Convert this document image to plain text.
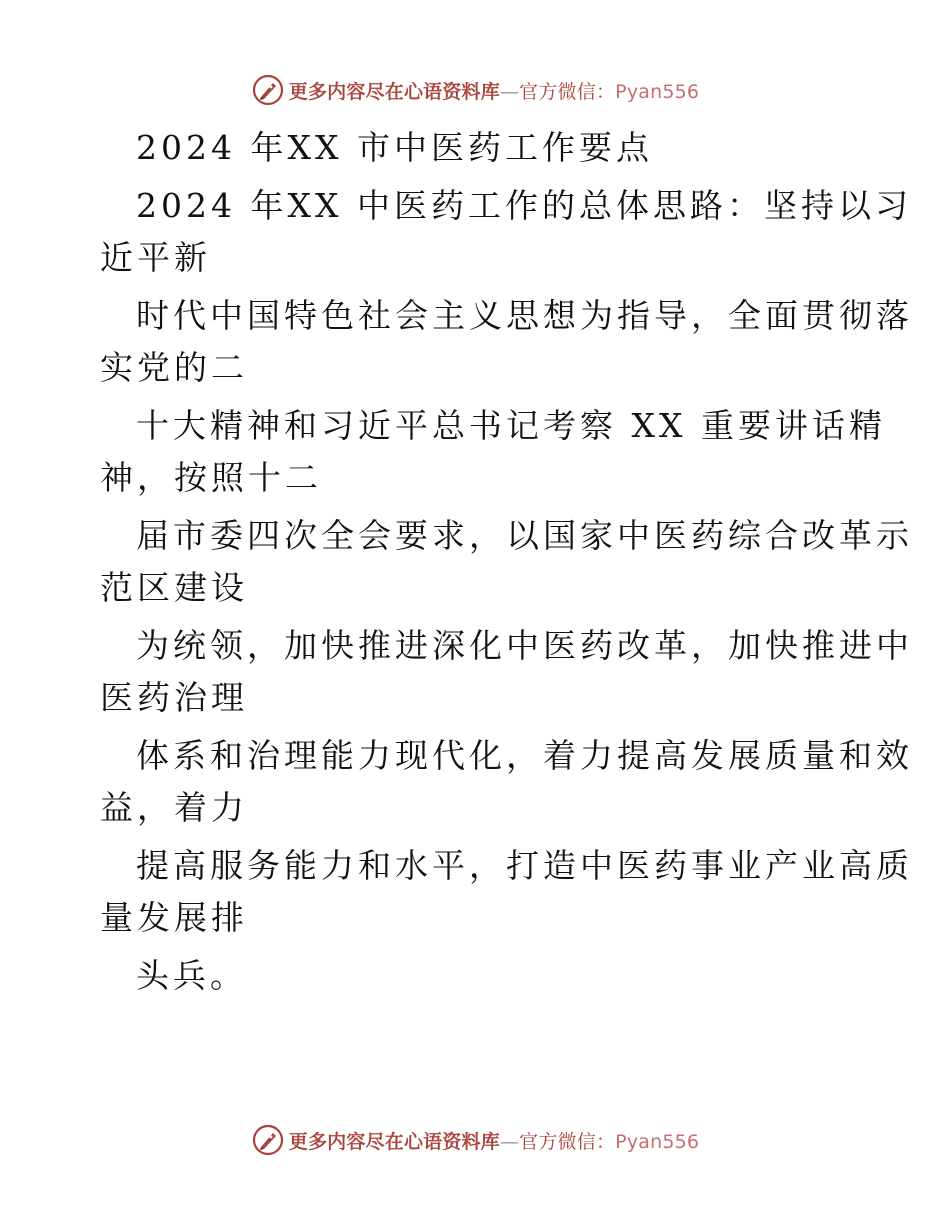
更多内容尽在心语资料库—官方微信：Pyan556
2024 年XX 市中医药工作要点
2024 年XX 中医药工作的总体思路：坚持以习
近平新
时代中国特色社会主义思想为指导，全面贯彻落
实党的二
十大精神和习近平总书记考察 XX 重要讲话精
神，按照十二
届市委四次全会要求，以国家中医药综合改革示
范区建设
为统领，加快推进深化中医药改革，加快推进中
医药治理
体系和治理能力现代化，着力提高发展质量和效
益，着力
提高服务能力和水平，打造中医药事业产业高质
量发展排
头兵。
更多内容尽在心语资料库—官方微信：Pyan556
